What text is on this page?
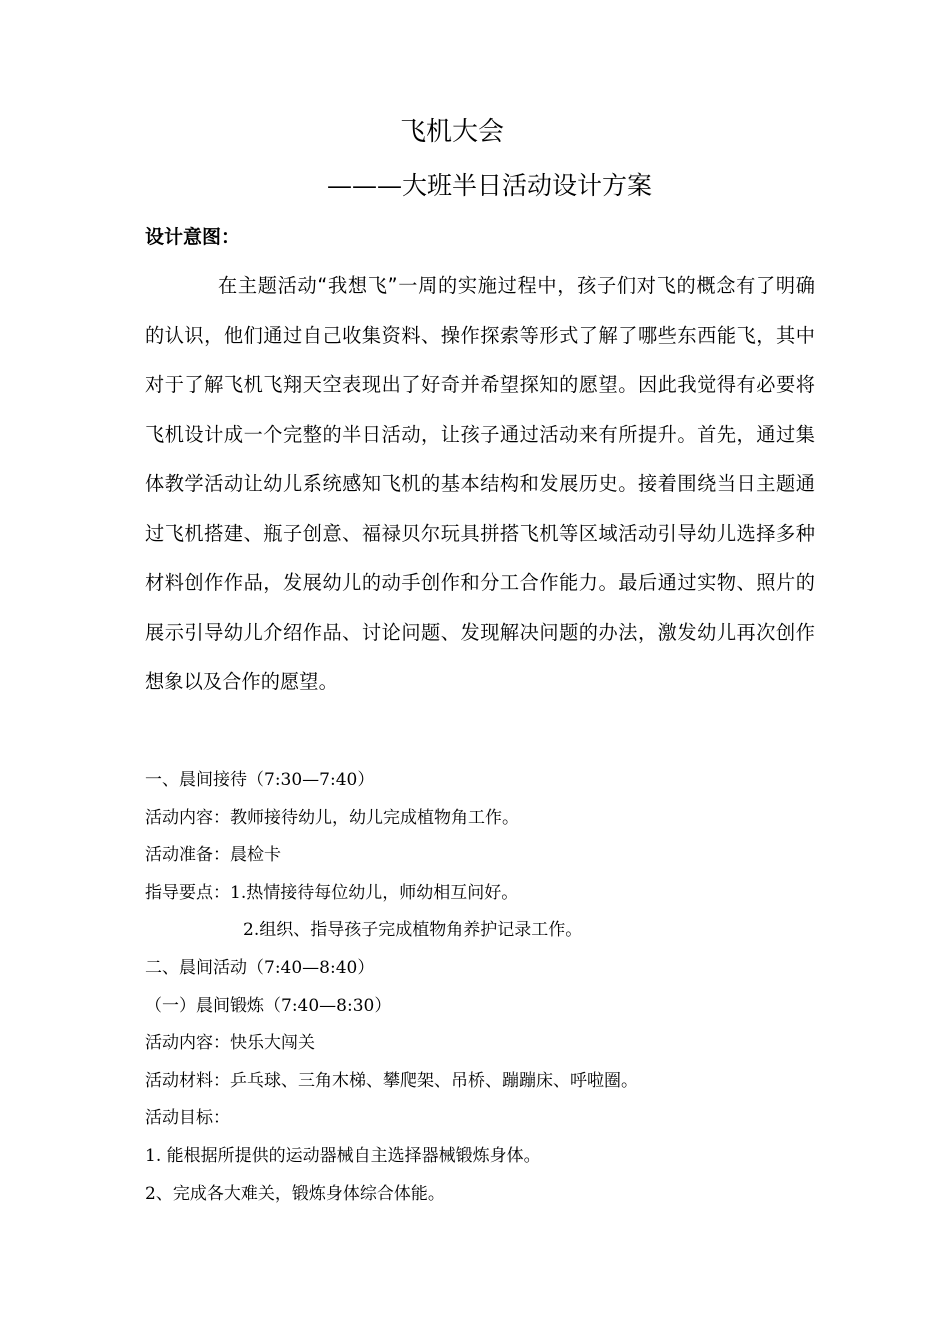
飞机大会
———大班半日活动设计方案
设计意图：

在主题活动“我想飞”一周的实施过程中，孩子们对飞的概念有了明确的认识，他们通过自己收集资料、操作探索等形式了解了哪些东西能飞，其中对于了解飞机飞翔天空表现出了好奇并希望探知的愿望。因此我觉得有必要将飞机设计成一个完整的半日活动，让孩子通过活动来有所提升。首先，通过集体教学活动让幼儿系统感知飞机的基本结构和发展历史。接着围绕当日主题通过飞机搭建、瓶子创意、福禄贝尔玩具拼搭飞机等区域活动引导幼儿选择多种材料创作作品，发展幼儿的动手创作和分工合作能力。最后通过实物、照片的展示引导幼儿介绍作品、讨论问题、发现解决问题的办法，激发幼儿再次创作想象以及合作的愿望。

一、晨间接待（7:30—7:40）
活动内容：教师接待幼儿，幼儿完成植物角工作。
活动准备：晨检卡
指导要点：1.热情接待每位幼儿，师幼相互问好。
2.组织、指导孩子完成植物角养护记录工作。
二、晨间活动（7:40—8:40）
（一）晨间锻炼（7:40—8:30）
活动内容：快乐大闯关
活动材料：乒乓球、三角木梯、攀爬架、吊桥、蹦蹦床、呼啦圈。
活动目标：
1. 能根据所提供的运动器械自主选择器械锻炼身体。
2、完成各大难关，锻炼身体综合体能。
